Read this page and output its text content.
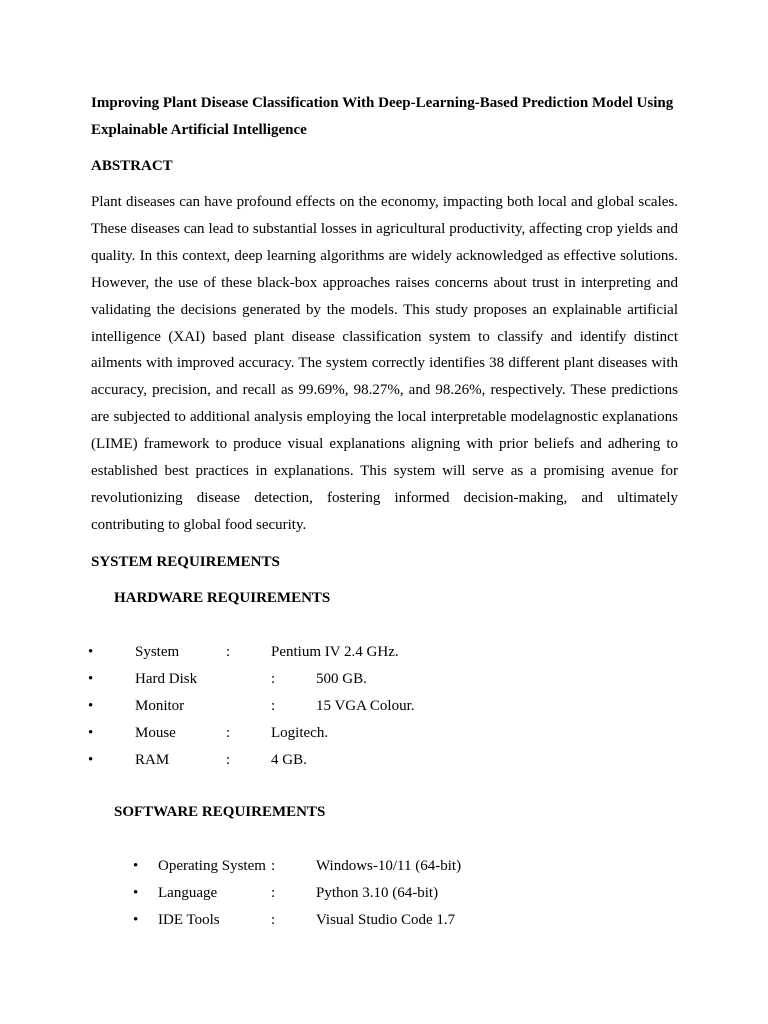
Improving Plant Disease Classification With Deep-Learning-Based Prediction Model Using Explainable Artificial Intelligence

ABSTRACT

Plant diseases can have profound effects on the economy, impacting both local and global scales. These diseases can lead to substantial losses in agricultural productivity, affecting crop yields and quality. In this context, deep learning algorithms are widely acknowledged as effective solutions. However, the use of these black-box approaches raises concerns about trust in interpreting and validating the decisions generated by the models. This study proposes an explainable artificial intelligence (XAI) based plant disease classification system to classify and identify distinct ailments with improved accuracy. The system correctly identifies 38 different plant diseases with accuracy, precision, and recall as 99.69%, 98.27%, and 98.26%, respectively. These predictions are subjected to additional analysis employing the local interpretable modelagnostic explanations (LIME) framework to produce visual explanations aligning with prior beliefs and adhering to established best practices in explanations. This system will serve as a promising avenue for revolutionizing disease detection, fostering informed decision-making, and ultimately contributing to global food security.

SYSTEM REQUIREMENTS

HARDWARE REQUIREMENTS

•	System	:	Pentium IV 2.4 GHz.
•	Hard Disk	:	500 GB.
•	Monitor	:	15 VGA Colour.
•	Mouse	:	Logitech.
•	RAM	:	4 GB.

SOFTWARE REQUIREMENTS

• Operating System :	Windows-10/11 (64-bit)
• Language	:	Python 3.10 (64-bit)
• IDE Tools	:	Visual Studio Code 1.7
